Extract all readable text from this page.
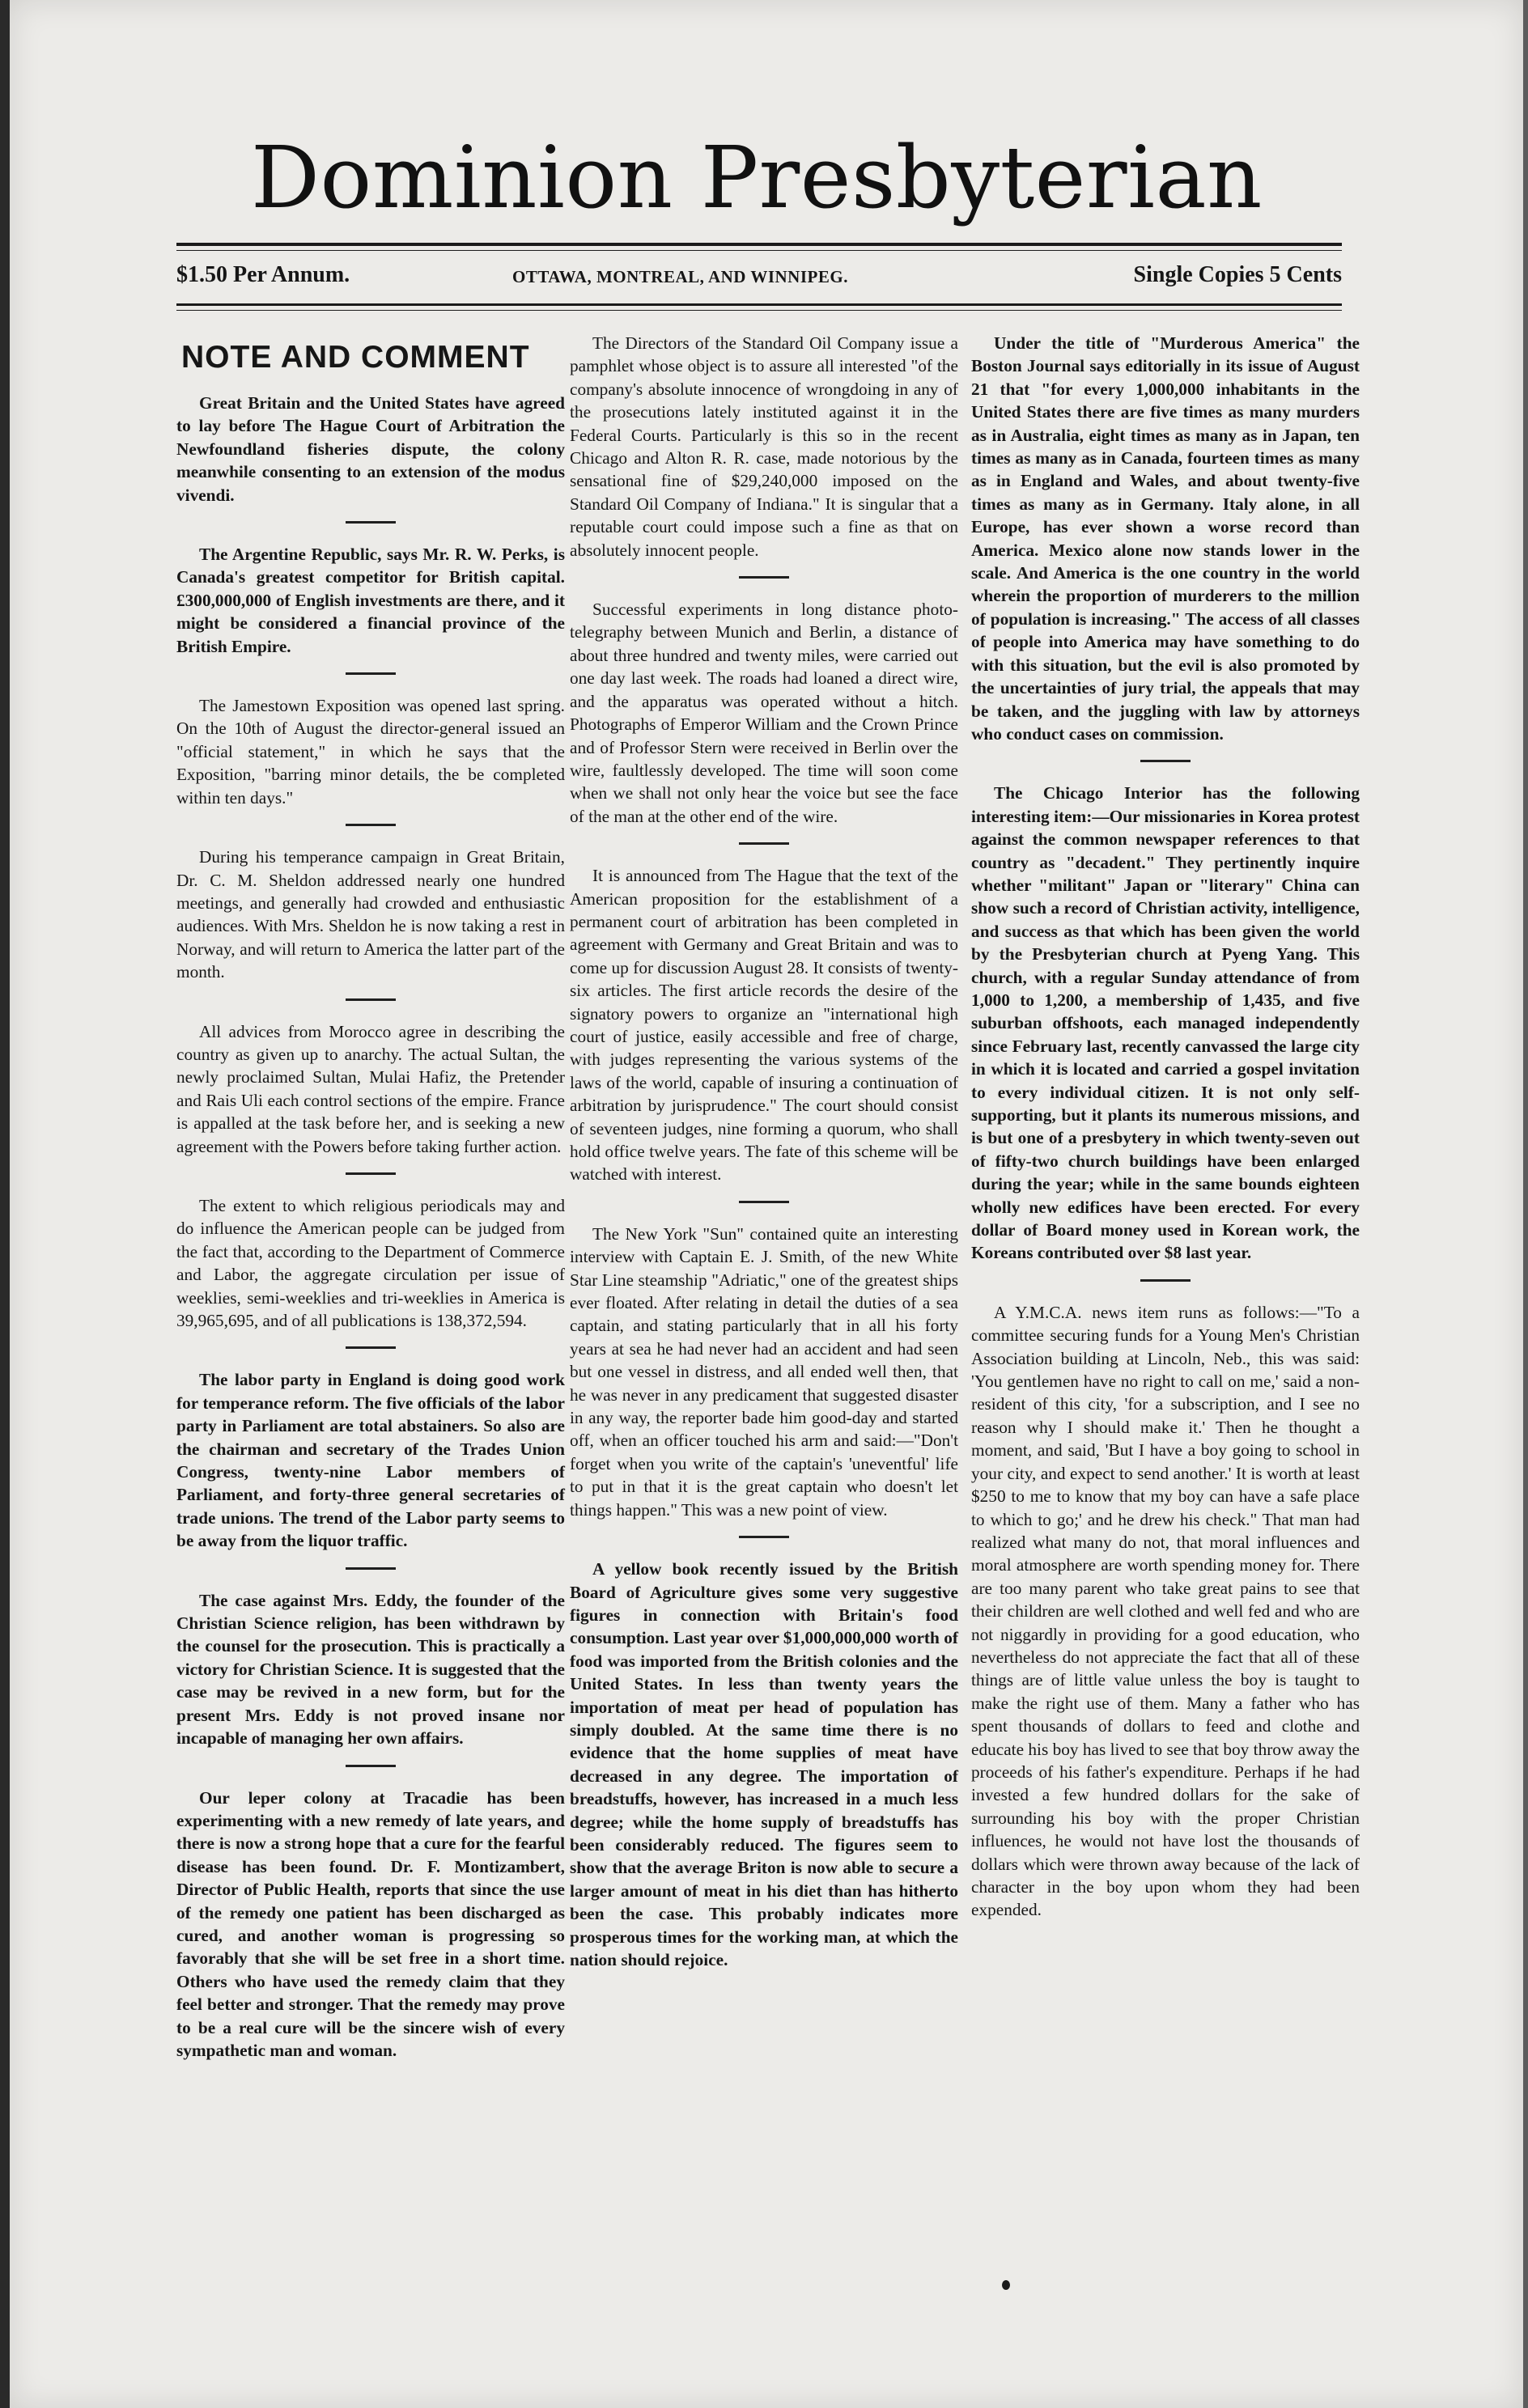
Dominion Presbyterian
$1.50 Per Annum.	OTTAWA, MONTREAL, AND WINNIPEG.	Single Copies 5 Cents
NOTE AND COMMENT

Great Britain and the United States have agreed to lay before The Hague Court of Arbitration the Newfoundland fisheries dispute, the colony meanwhile consenting to an extension of the modus vivendi.

The Argentine Republic, says Mr. R. W. Perks, is Canada's greatest competitor for British capital. £300,000,000 of English investments are there, and it might be considered a financial province of the British Empire.

The Jamestown Exposition was opened last spring. On the 10th of August the director-general issued an "official statement," in which he says that the Exposition, "barring minor details, the be completed within ten days."

During his temperance campaign in Great Britain, Dr. C. M. Sheldon addressed nearly one hundred meetings, and generally had crowded and enthusiastic audiences. With Mrs. Sheldon he is now taking a rest in Norway, and will return to America the latter part of the month.

All advices from Morocco agree in describing the country as given up to anarchy. The actual Sultan, the newly proclaimed Sultan, Mulai Hafiz, the Pretender and Rais Uli each control sections of the empire. France is appalled at the task before her, and is seeking a new agreement with the Powers before taking further action.

The extent to which religious periodicals may and do influence the American people can be judged from the fact that, according to the Department of Commerce and Labor, the aggregate circulation per issue of weeklies, semi-weeklies and tri-weeklies in America is 39,965,695, and of all publications is 138,372,594.

The labor party in England is doing good work for temperance reform. The five officials of the labor party in Parliament are total abstainers. So also are the chairman and secretary of the Trades Union Congress, twenty-nine Labor members of Parliament, and forty-three general secretaries of trade unions. The trend of the Labor party seems to be away from the liquor traffic.

The case against Mrs. Eddy, the founder of the Christian Science religion, has been withdrawn by the counsel for the prosecution. This is practically a victory for Christian Science. It is suggested that the case may be revived in a new form, but for the present Mrs. Eddy is not proved insane nor incapable of managing her own affairs.

Our leper colony at Tracadie has been experimenting with a new remedy of late years, and there is now a strong hope that a cure for the fearful disease has been found. Dr. F. Montizambert, Director of Public Health, reports that since the use of the remedy one patient has been discharged as cured, and another woman is progressing so favorably that she will be set free in a short time. Others who have used the remedy claim that they feel better and stronger. That the remedy may prove to be a real cure will be the sincere wish of every sympathetic man and woman.

The Directors of the Standard Oil Company issue a pamphlet whose object is to assure all interested "of the company's absolute innocence of wrongdoing in any of the prosecutions lately instituted against it in the Federal Courts. Particularly is this so in the recent Chicago and Alton R. R. case, made notorious by the sensational fine of $29,240,000 imposed on the Standard Oil Company of Indiana." It is singular that a reputable court could impose such a fine as that on absolutely innocent people.

Successful experiments in long distance photo-telegraphy between Munich and Berlin, a distance of about three hundred and twenty miles, were carried out one day last week. The roads had loaned a direct wire, and the apparatus was operated without a hitch. Photographs of Emperor William and the Crown Prince and of Professor Stern were received in Berlin over the wire, faultlessly developed. The time will soon come when we shall not only hear the voice but see the face of the man at the other end of the wire.

It is announced from The Hague that the text of the American proposition for the establishment of a permanent court of arbitration has been completed in agreement with Germany and Great Britain and was to come up for discussion August 28. It consists of twenty-six articles. The first article records the desire of the signatory powers to organize an "international high court of justice, easily accessible and free of charge, with judges representing the various systems of the laws of the world, capable of insuring a continuation of arbitration by jurisprudence." The court should consist of seventeen judges, nine forming a quorum, who shall hold office twelve years. The fate of this scheme will be watched with interest.

The New York "Sun" contained quite an interesting interview with Captain E. J. Smith, of the new White Star Line steamship "Adriatic," one of the greatest ships ever floated. After relating in detail the duties of a sea captain, and stating particularly that in all his forty years at sea he had never had an accident and had seen but one vessel in distress, and all ended well then, that he was never in any predicament that suggested disaster in any way, the reporter bade him good-day and started off, when an officer touched his arm and said:—"Don't forget when you write of the captain's 'uneventful' life to put in that it is the great captain who doesn't let things happen." This was a new point of view.

A yellow book recently issued by the British Board of Agriculture gives some very suggestive figures in connection with Britain's food consumption. Last year over $1,000,000,000 worth of food was imported from the British colonies and the United States. In less than twenty years the importation of meat per head of population has simply doubled. At the same time there is no evidence that the home supplies of meat have decreased in any degree. The importation of breadstuffs, however, has increased in a much less degree; while the home supply of breadstuffs has been considerably reduced. The figures seem to show that the average Briton is now able to secure a larger amount of meat in his diet than has hitherto been the case. This probably indicates more prosperous times for the working man, at which the nation should rejoice.

Under the title of "Murderous America" the Boston Journal says editorially in its issue of August 21 that "for every 1,000,000 inhabitants in the United States there are five times as many murders as in Australia, eight times as many as in Japan, ten times as many as in Canada, fourteen times as many as in England and Wales, and about twenty-five times as many as in Germany. Italy alone, in all Europe, has ever shown a worse record than America. Mexico alone now stands lower in the scale. And America is the one country in the world wherein the proportion of murderers to the million of population is increasing." The access of all classes of people into America may have something to do with this situation, but the evil is also promoted by the uncertainties of jury trial, the appeals that may be taken, and the juggling with law by attorneys who conduct cases on commission.

The Chicago Interior has the following interesting item:—Our missionaries in Korea protest against the common newspaper references to that country as "decadent." They pertinently inquire whether "militant" Japan or "literary" China can show such a record of Christian activity, intelligence, and success as that which has been given the world by the Presbyterian church at Pyeng Yang. This church, with a regular Sunday attendance of from 1,000 to 1,200, a membership of 1,435, and five suburban offshoots, each managed independently since February last, recently canvassed the large city in which it is located and carried a gospel invitation to every individual citizen. It is not only self-supporting, but it plants its numerous missions, and is but one of a presbytery in which twenty-seven out of fifty-two church buildings have been enlarged during the year; while in the same bounds eighteen wholly new edifices have been erected. For every dollar of Board money used in Korean work, the Koreans contributed over $8 last year.

A Y.M.C.A. news item runs as follows:—"To a committee securing funds for a Young Men's Christian Association building at Lincoln, Neb., this was said: 'You gentlemen have no right to call on me,' said a non-resident of this city, 'for a subscription, and I see no reason why I should make it.' Then he thought a moment, and said, 'But I have a boy going to school in your city, and expect to send another.' It is worth at least $250 to me to know that my boy can have a safe place to which to go;' and he drew his check." That man had realized what many do not, that moral influences and moral atmosphere are worth spending money for. There are too many parent who take great pains to see that their children are well clothed and well fed and who are not niggardly in providing for a good education, who nevertheless do not appreciate the fact that all of these things are of little value unless the boy is taught to make the right use of them. Many a father who has spent thousands of dollars to feed and clothe and educate his boy has lived to see that boy throw away the proceeds of his father's expenditure. Perhaps if he had invested a few hundred dollars for the sake of surrounding his boy with the proper Christian influences, he would not have lost the thousands of dollars which were thrown away because of the lack of character in the boy upon whom they had been expended.
